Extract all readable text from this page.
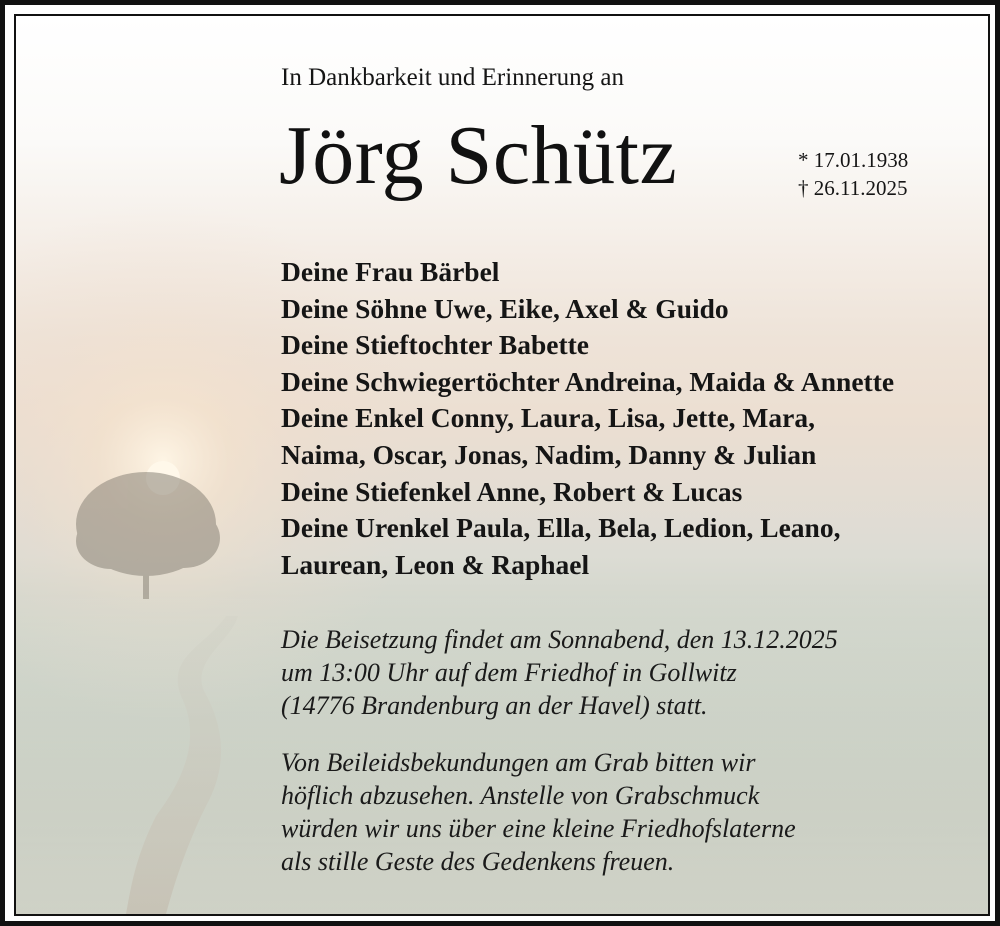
In Dankbarkeit und Erinnerung an
Jörg Schütz	* 17.01.1938
† 26.11.2025
Deine Frau Bärbel
Deine Söhne Uwe, Eike, Axel & Guido
Deine Stieftochter Babette
Deine Schwiegertöchter Andreina, Maida & Annette
Deine Enkel Conny, Laura, Lisa, Jette, Mara,
Naima, Oscar, Jonas, Nadim, Danny & Julian
Deine Stiefenkel Anne, Robert & Lucas
Deine Urenkel Paula, Ella, Bela, Ledion, Leano,
Laurean, Leon & Raphael
Die Beisetzung findet am Sonnabend, den 13.12.2025
um 13:00 Uhr auf dem Friedhof in Gollwitz
(14776 Brandenburg an der Havel) statt.
Von Beileidsbekundungen am Grab bitten wir
höflich abzusehen. Anstelle von Grabschmuck
würden wir uns über eine kleine Friedhofslaterne
als stille Geste des Gedenkens freuen.
